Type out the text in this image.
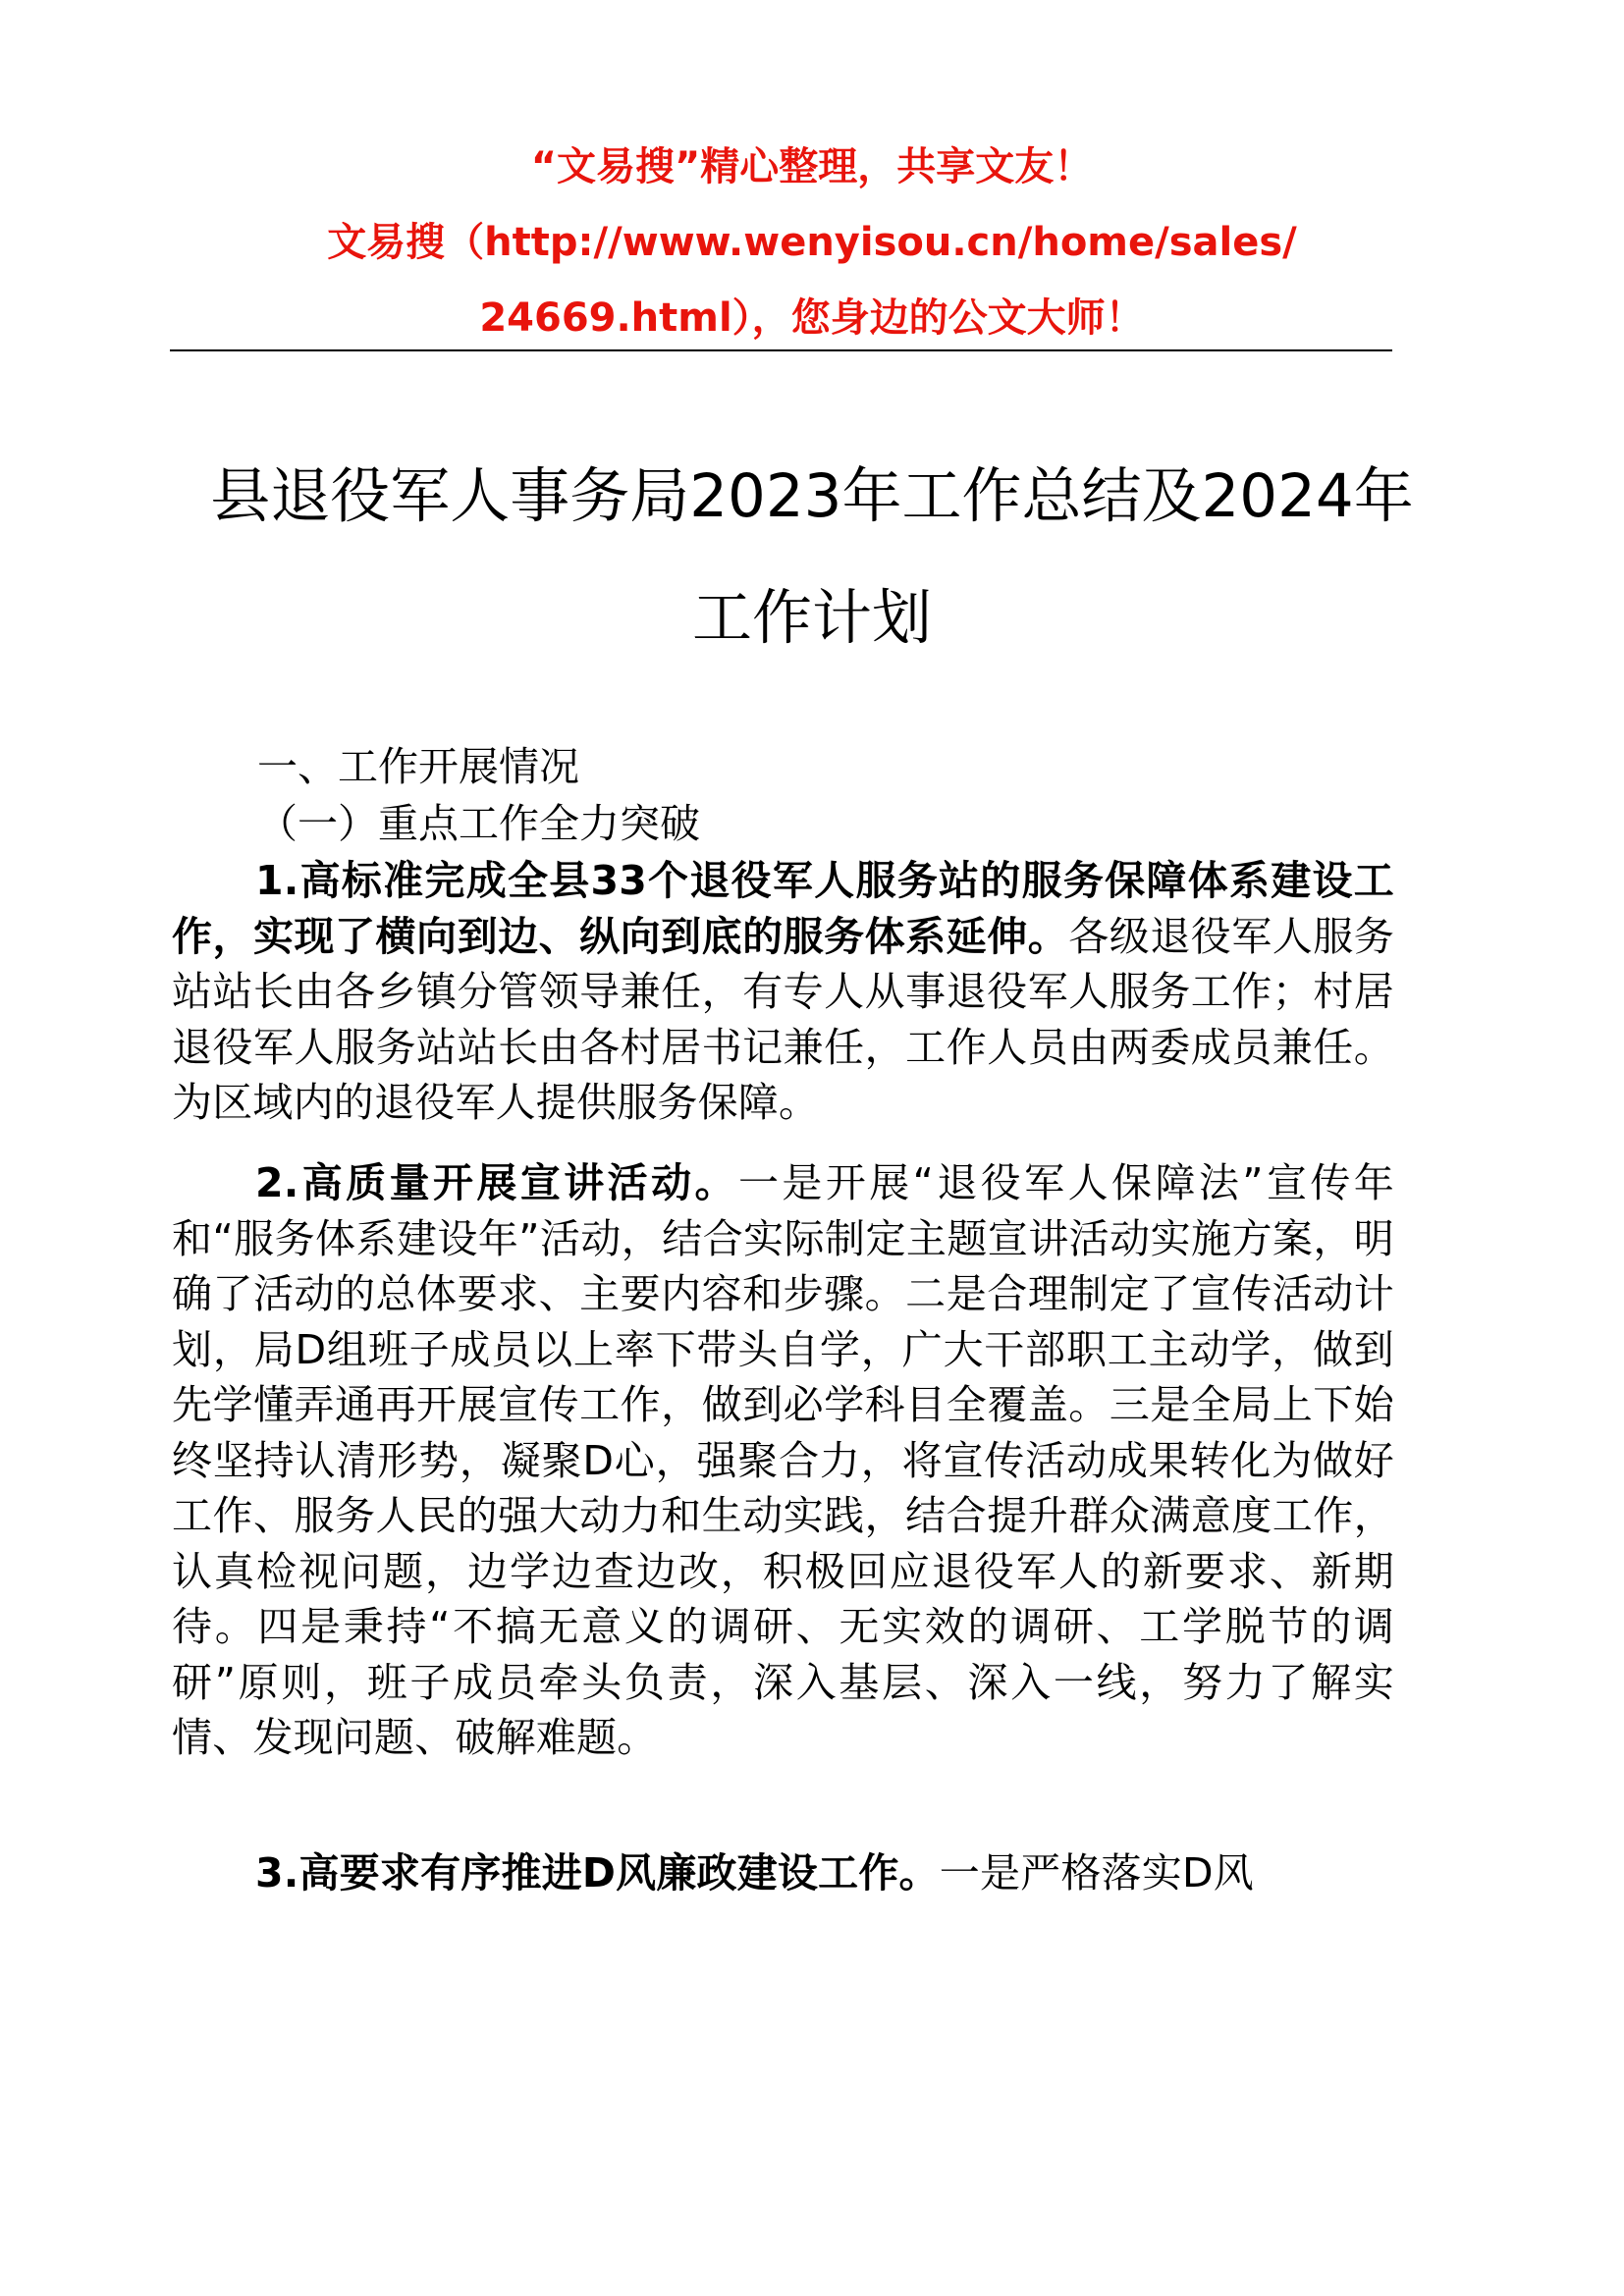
“文易搜”精心整理，共享文友！
文易搜（http://www.wenyisou.cn/home/sales/
24669.html），您身边的公文大师！
县退役军人事务局2023年工作总结及2024年
工作计划
一、工作开展情况
（一）重点工作全力突破

1.高标准完成全县33个退役军人服务站的服务保障体系建设工作，实现了横向到边、纵向到底的服务体系延伸。各级退役军人服务站站长由各乡镇分管领导兼任，有专人从事退役军人服务工作；村居退役军人服务站站长由各村居书记兼任，工作人员由两委成员兼任。为区域内的退役军人提供服务保障。

2.高质量开展宣讲活动。一是开展“退役军人保障法”宣传年和“服务体系建设年”活动，结合实际制定主题宣讲活动实施方案，明确了活动的总体要求、主要内容和步骤。二是合理制定了宣传活动计划，局D组班子成员以上率下带头自学，广大干部职工主动学，做到先学懂弄通再开展宣传工作，做到必学科目全覆盖。三是全局上下始终坚持认清形势，凝聚D心，强聚合力，将宣传活动成果转化为做好工作、服务人民的强大动力和生动实践，结合提升群众满意度工作，认真检视问题，边学边查边改，积极回应退役军人的新要求、新期待。四是秉持“不搞无意义的调研、无实效的调研、工学脱节的调研”原则，班子成员牵头负责，深入基层、深入一线，努力了解实情、发现问题、破解难题。

3.高要求有序推进D风廉政建设工作。一是严格落实D风
